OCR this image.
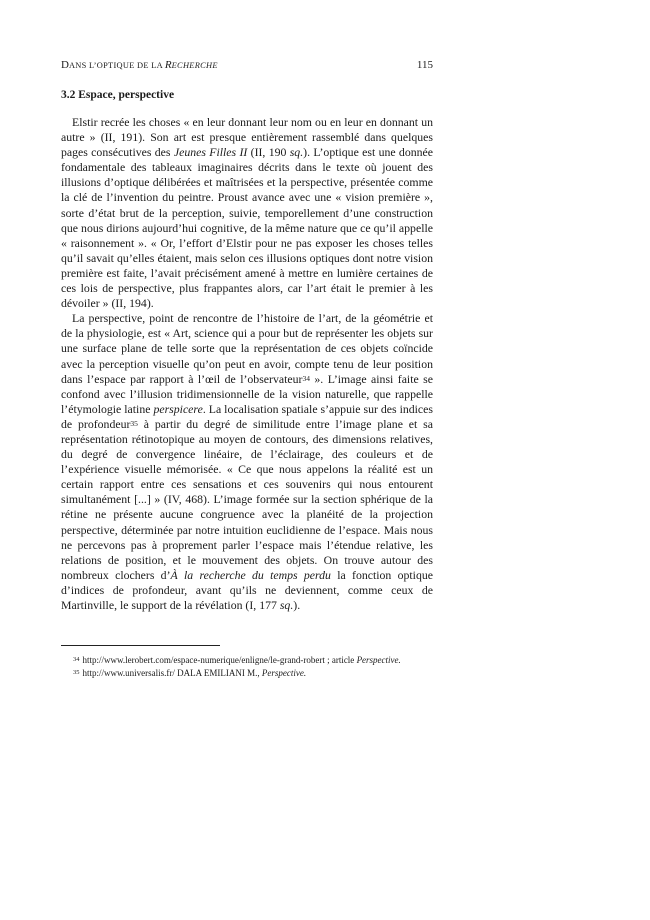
DANS L’OPTIQUE DE LA RECHERCHE	115
3.2 Espace, perspective

Elstir recrée les choses « en leur donnant leur nom ou en leur en donnant un autre » (II, 191). Son art est presque entièrement rassemblé dans quelques pages consécutives des Jeunes Filles II (II, 190 sq.). L’optique est une donnée fondamentale des tableaux imaginaires décrits dans le texte où jouent des illusions d’optique délibérées et maîtrisées et la perspective, présentée comme la clé de l’invention du peintre. Proust avance avec une « vision première », sorte d’état brut de la perception, suivie, temporellement d’une construction que nous dirions aujourd’hui cognitive, de la même nature que ce qu’il appelle « raisonnement ». « Or, l’effort d’Elstir pour ne pas exposer les choses telles qu’il savait qu’elles étaient, mais selon ces illusions optiques dont notre vision première est faite, l’avait précisément amené à mettre en lumière certaines de ces lois de perspective, plus frappantes alors, car l’art était le premier à les dévoiler » (II, 194).

La perspective, point de rencontre de l’histoire de l’art, de la géométrie et de la physiologie, est « Art, science qui a pour but de représenter les objets sur une surface plane de telle sorte que la représentation de ces objets coïncide avec la perception visuelle qu’on peut en avoir, compte tenu de leur position dans l’espace par rapport à l’œil de l’observateur$^{34}$ ». L’image ainsi faite se confond avec l’illusion tridimensionnelle de la vision naturelle, que rappelle l’étymologie latine perspicere. La localisation spatiale s’appuie sur des indices de profondeur$^{35}$ à partir du degré de similitude entre l’image plane et sa représentation rétinotopique au moyen de contours, des dimensions relatives, du degré de convergence linéaire, de l’éclairage, des couleurs et de l’expérience visuelle mémorisée. « Ce que nous appelons la réalité est un certain rapport entre ces sensations et ces souvenirs qui nous entourent simultanément [...] » (IV, 468). L’image formée sur la section sphérique de la rétine ne présente aucune congruence avec la planéité de la projection perspective, déterminée par notre intuition euclidienne de l’espace. Mais nous ne percevons pas à proprement parler l’espace mais l’étendue relative, les relations de position, et le mouvement des objets. On trouve autour des nombreux clochers d’À la recherche du temps perdu la fonction optique d’indices de profondeur, avant qu’ils ne deviennent, comme ceux de Martinville, le support de la révélation (I, 177 sq.).

$^{34}$ http://www.lerobert.com/espace-numerique/enligne/le-grand-robert ; article Perspective.
$^{35}$ http://www.universalis.fr/ DALA EMILIANI M., Perspective.
